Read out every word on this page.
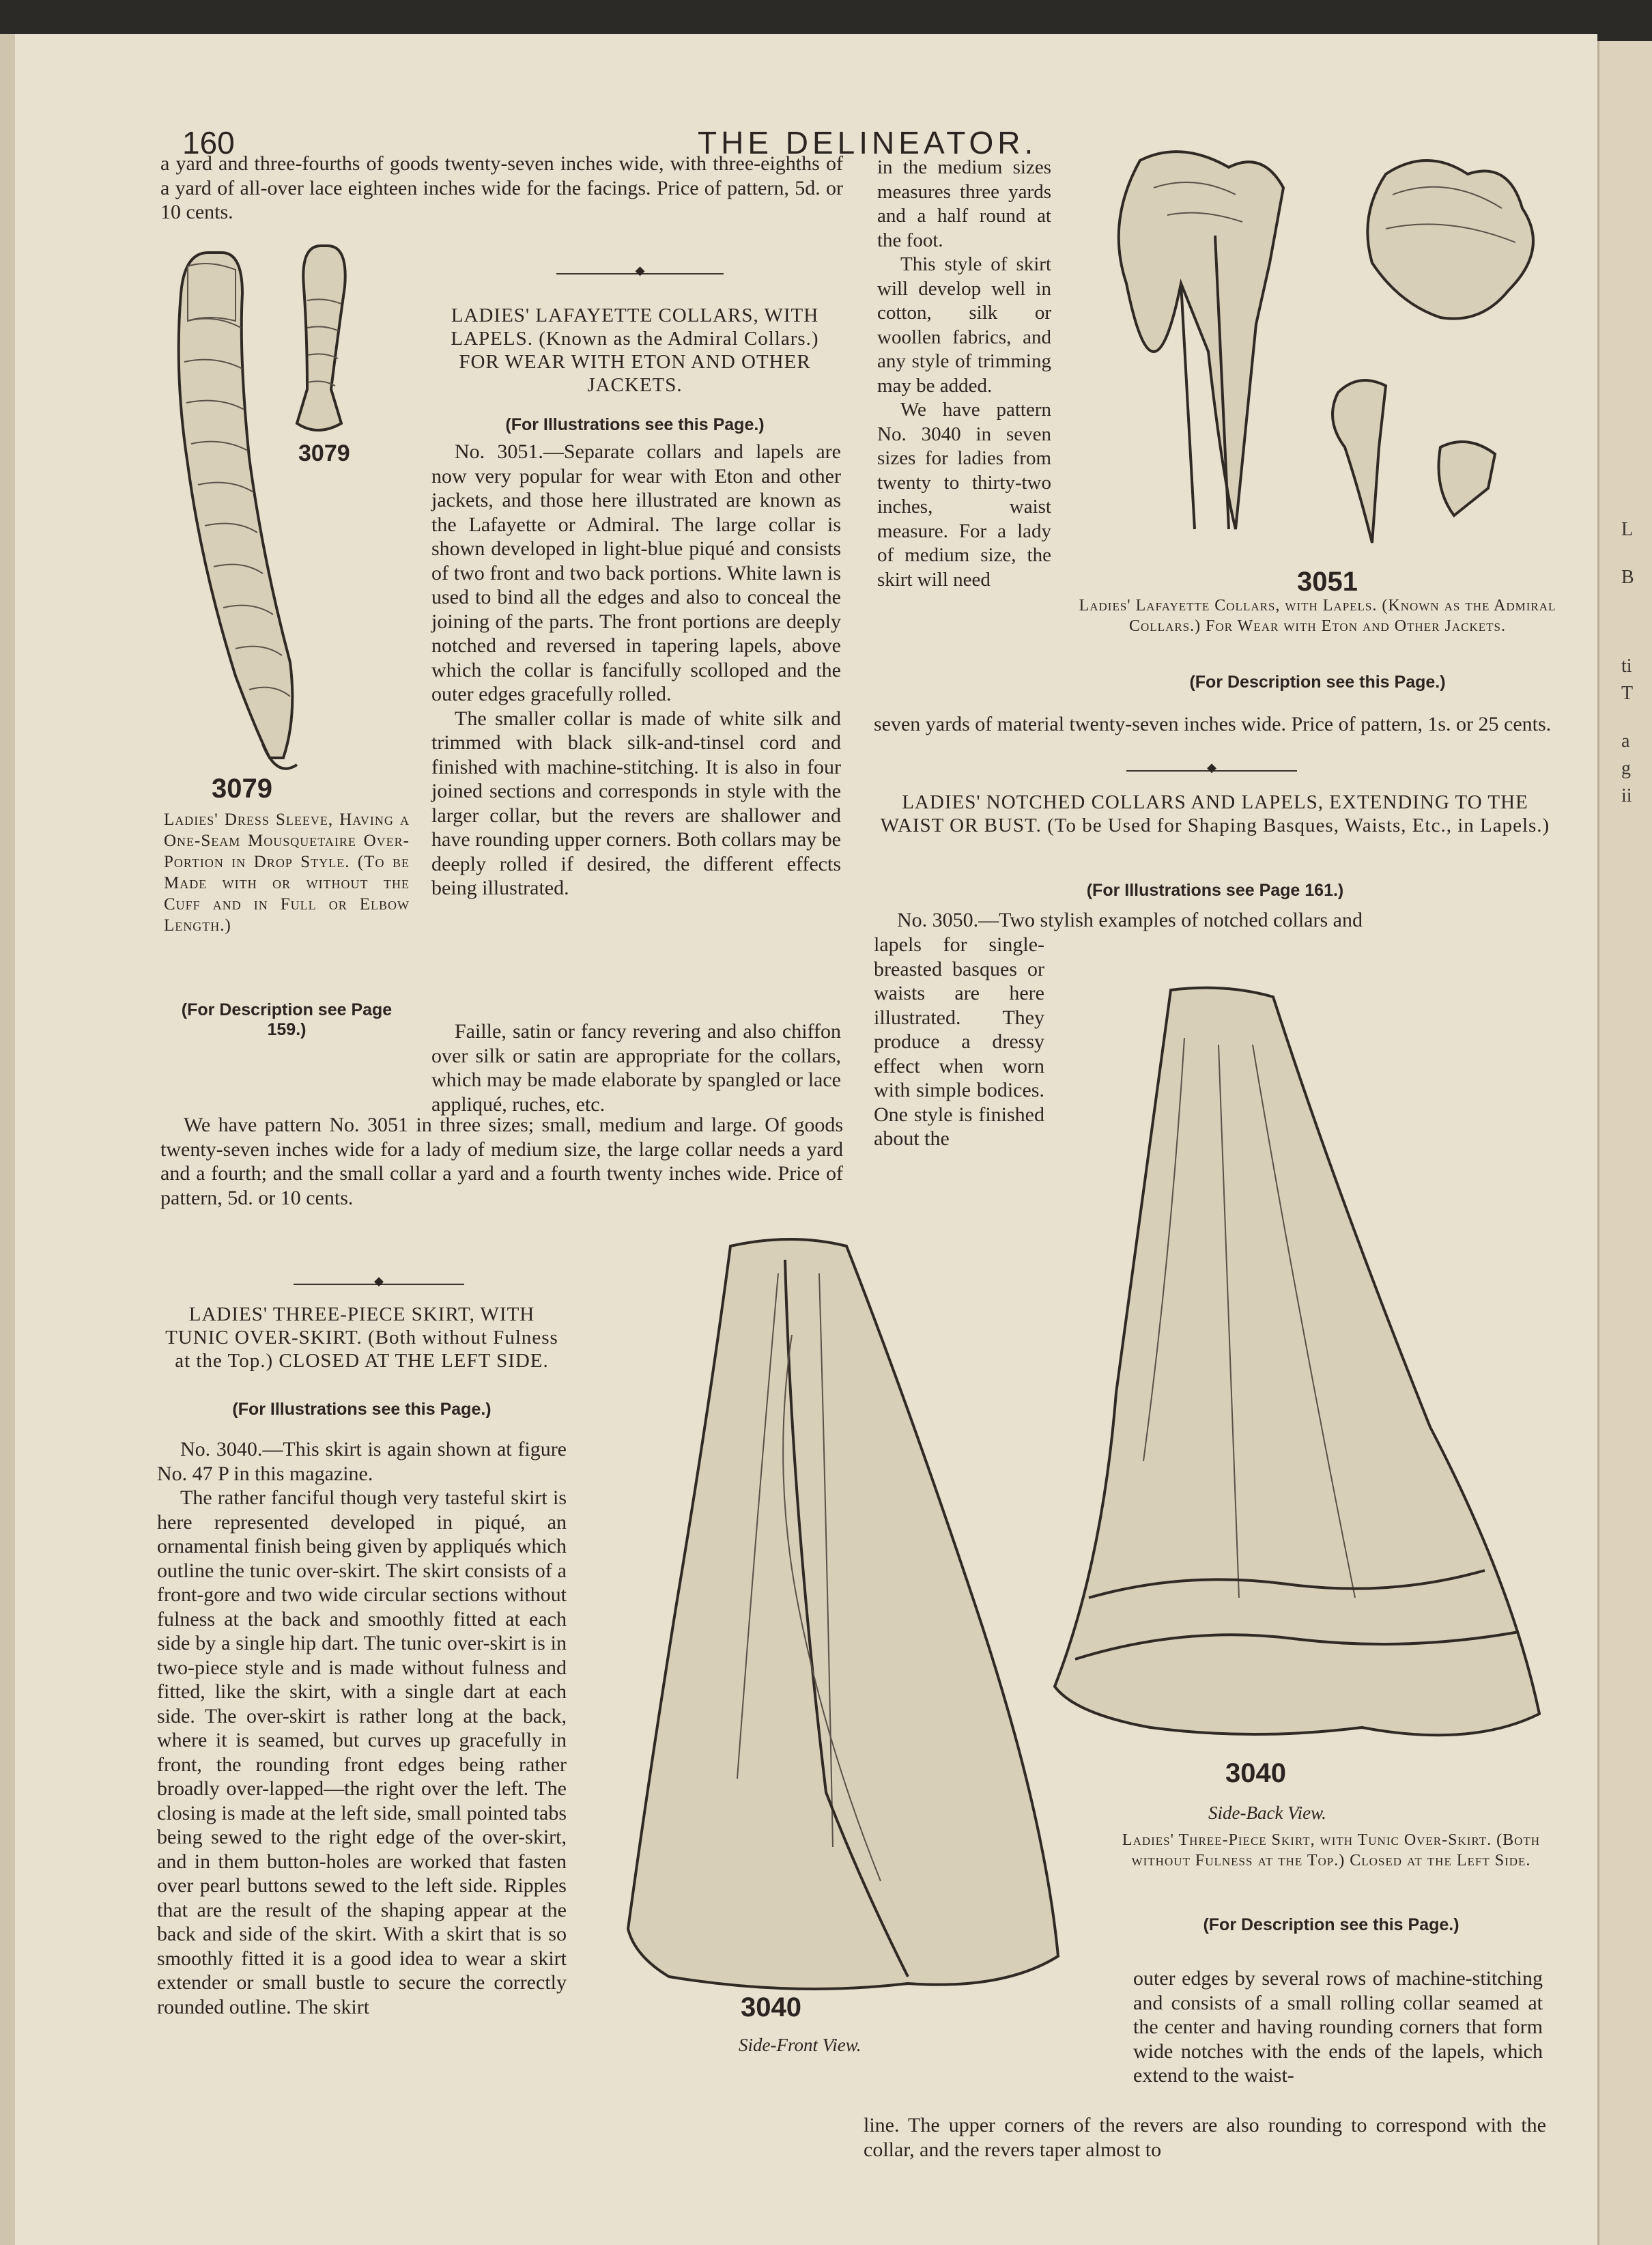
160	THE DELINEATOR.
L
B
ti
T
a
g
ii

a yard and three-fourths of goods twenty-seven inches wide, with three-eighths of a yard of all-over lace eighteen inches wide for the facings. Price of pattern, 5d. or 10 cents.

3079
3079
Ladies' Dress Sleeve, Having a One-Seam Mousquetaire Over-Portion in Drop Style. (To be Made with or without the Cuff and in Full or Elbow Length.)
(For Description see Page 159.)
◆
LADIES' LAFAYETTE COLLARS, WITH LAPELS. (Known as the Admiral Collars.) FOR WEAR WITH ETON AND OTHER JACKETS.
(For Illustrations see this Page.)

No. 3051.—Separate collars and lapels are now very popular for wear with Eton and other jackets, and those here illustrated are known as the Lafayette or Admiral. The large collar is shown developed in light-blue piqué and consists of two front and two back portions. White lawn is used to bind all the edges and also to conceal the joining of the parts. The front portions are deeply notched and reversed in tapering lapels, above which the collar is fancifully scolloped and the outer edges gracefully rolled.

The smaller collar is made of white silk and trimmed with black silk-and-tinsel cord and finished with machine-stitching. It is also in four joined sections and corresponds in style with the larger collar, but the revers are shallower and have rounding upper corners. Both collars may be deeply rolled if desired, the different effects being illustrated.

Faille, satin or fancy revering and also chiffon over silk or satin are appropriate for the collars, which may be made elaborate by spangled or lace appliqué, ruches, etc.

We have pattern No. 3051 in three sizes; small, medium and large. Of goods twenty-seven inches wide for a lady of medium size, the large collar needs a yard and a fourth; and the small collar a yard and a fourth twenty inches wide. Price of pattern, 5d. or 10 cents.

◆
LADIES' THREE-PIECE SKIRT, WITH TUNIC OVER-SKIRT. (Both without Fulness at the Top.) CLOSED AT THE LEFT SIDE.
(For Illustrations see this Page.)

No. 3040.—This skirt is again shown at figure No. 47 P in this magazine.

The rather fanciful though very tasteful skirt is here represented developed in piqué, an ornamental finish being given by appliqués which outline the tunic over-skirt. The skirt consists of a front-gore and two wide circular sections without fulness at the back and smoothly fitted at each side by a single hip dart. The tunic over-skirt is in two-piece style and is made without fulness and fitted, like the skirt, with a single dart at each side. The over-skirt is rather long at the back, where it is seamed, but curves up gracefully in front, the rounding front edges being rather broadly over-lapped—the right over the left. The closing is made at the left side, small pointed tabs being sewed to the right edge of the over-skirt, and in them button-holes are worked that fasten over pearl buttons sewed to the left side. Ripples that are the result of the shaping appear at the back and side of the skirt. With a skirt that is so smoothly fitted it is a good idea to wear a skirt extender or small bustle to secure the correctly rounded outline. The skirt

in the medium sizes measures three yards and a half round at the foot.

This style of skirt will develop well in cotton, silk or woollen fabrics, and any style of trimming may be added.

We have pattern No. 3040 in seven sizes for ladies from twenty to thirty-two inches, waist measure. For a lady of medium size, the skirt will need

seven yards of material twenty-seven inches wide. Price of pattern, 1s. or 25 cents.

3051
Ladies' Lafayette Collars, with Lapels. (Known as the Admiral Collars.) For Wear with Eton and Other Jackets.
(For Description see this Page.)
◆
LADIES' NOTCHED COLLARS AND LAPELS, EXTENDING TO THE WAIST OR BUST. (To be Used for Shaping Basques, Waists, Etc., in Lapels.)
(For Illustrations see Page 161.)

No. 3050.—Two stylish examples of notched collars and

lapels for single-breasted basques or waists are here illustrated. They produce a dressy effect when worn with simple bodices. One style is finished about the

outer edges by several rows of machine-stitching and consists of a small rolling collar seamed at the center and having rounding corners that form wide notches with the ends of the lapels, which extend to the waist-

line. The upper corners of the revers are also rounding to correspond with the collar, and the revers taper almost to

3040
Side-Back View.
Ladies' Three-Piece Skirt, with Tunic Over-Skirt. (Both without Fulness at the Top.) Closed at the Left Side.
(For Description see this Page.)
3040
Side-Front View.
